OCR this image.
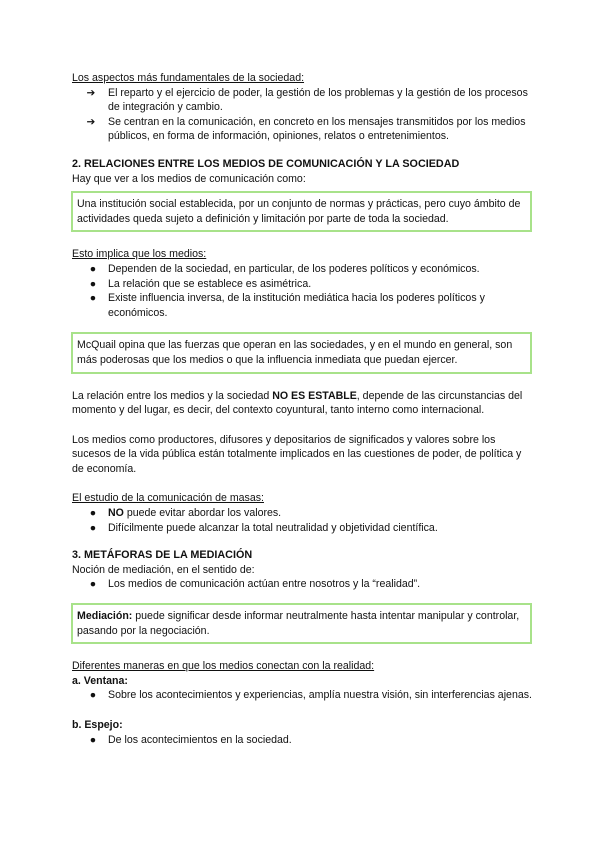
Los aspectos más fundamentales de la sociedad:

➔ El reparto y el ejercicio de poder, la gestión de los problemas y la gestión de los procesos de integración y cambio.
➔ Se centran en la comunicación, en concreto en los mensajes transmitidos por los medios públicos, en forma de información, opiniones, relatos o entretenimientos.

2. RELACIONES ENTRE LOS MEDIOS DE COMUNICACIÓN Y LA SOCIEDAD

Hay que ver a los medios de comunicación como:

Una institución social establecida, por un conjunto de normas y prácticas, pero cuyo ámbito de actividades queda sujeto a definición y limitación por parte de toda la sociedad.

Esto implica que los medios:

●	Dependen de la sociedad, en particular, de los poderes políticos y económicos.
●	La relación que se establece es asimétrica.
●	Existe influencia inversa, de la institución mediática hacia los poderes políticos y económicos.
McQuail opina que las fuerzas que operan en las sociedades, y en el mundo en general, son más poderosas que los medios o que la influencia inmediata que puedan ejercer.

La relación entre los medios y la sociedad NO ES ESTABLE, depende de las circunstancias del momento y del lugar, es decir, del contexto coyuntural, tanto interno como internacional.

Los medios como productores, difusores y depositarios de significados y valores sobre los sucesos de la vida pública están totalmente implicados en las cuestiones de poder, de política y de economía.

El estudio de la comunicación de masas:

●	NO puede evitar abordar los valores.
●	Difícilmente puede alcanzar la total neutralidad y objetividad científica.

3. METÁFORAS DE LA MEDIACIÓN

Noción de mediación, en el sentido de:

●	Los medios de comunicación actúan entre nosotros y la “realidad”.
Mediación: puede significar desde informar neutralmente hasta intentar manipular y controlar, pasando por la negociación.

Diferentes maneras en que los medios conectan con la realidad:

a. Ventana:

●	Sobre los acontecimientos y experiencias, amplía nuestra visión, sin interferencias ajenas.

b. Espejo:

●	De los acontecimientos en la sociedad.
